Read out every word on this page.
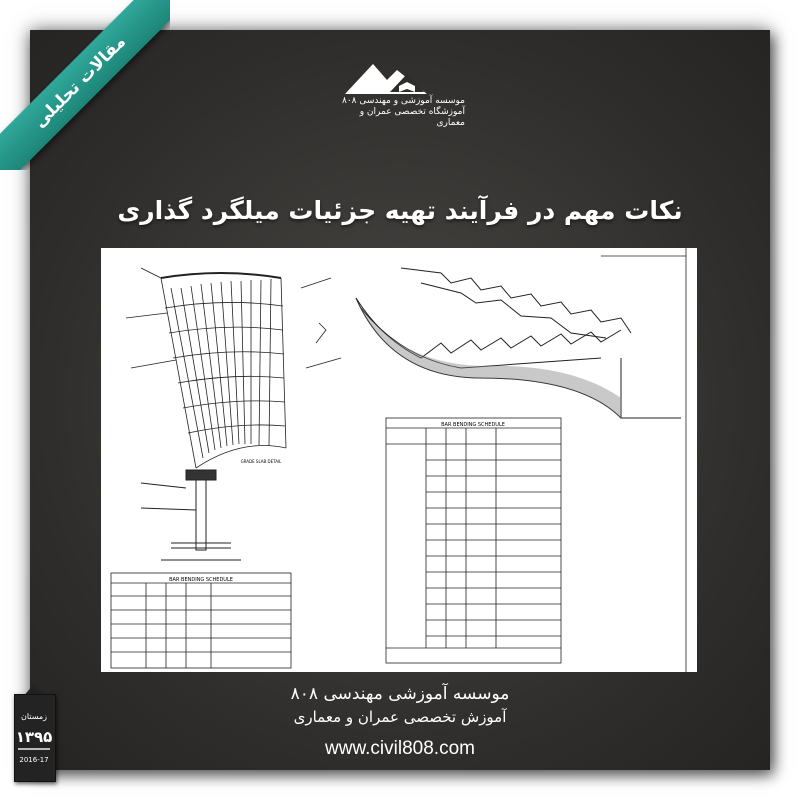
مقالات تحلیلی	موسسه آموزشی و مهندسی ۸۰۸
آموزشگاه تخصصی عمران و معماری
نکات مهم در فرآیند تهیه جزئیات میلگرد گذاری
BAR BENDING SCHEDULE
BAR BENDING SCHEDULE
GRADE SLAB DETAIL
موسسه آموزشی مهندسی ۸۰۸
آموزش تخصصی عمران و معماری
www.civil808.com
زمستان
۱۳۹۵
2016-17
